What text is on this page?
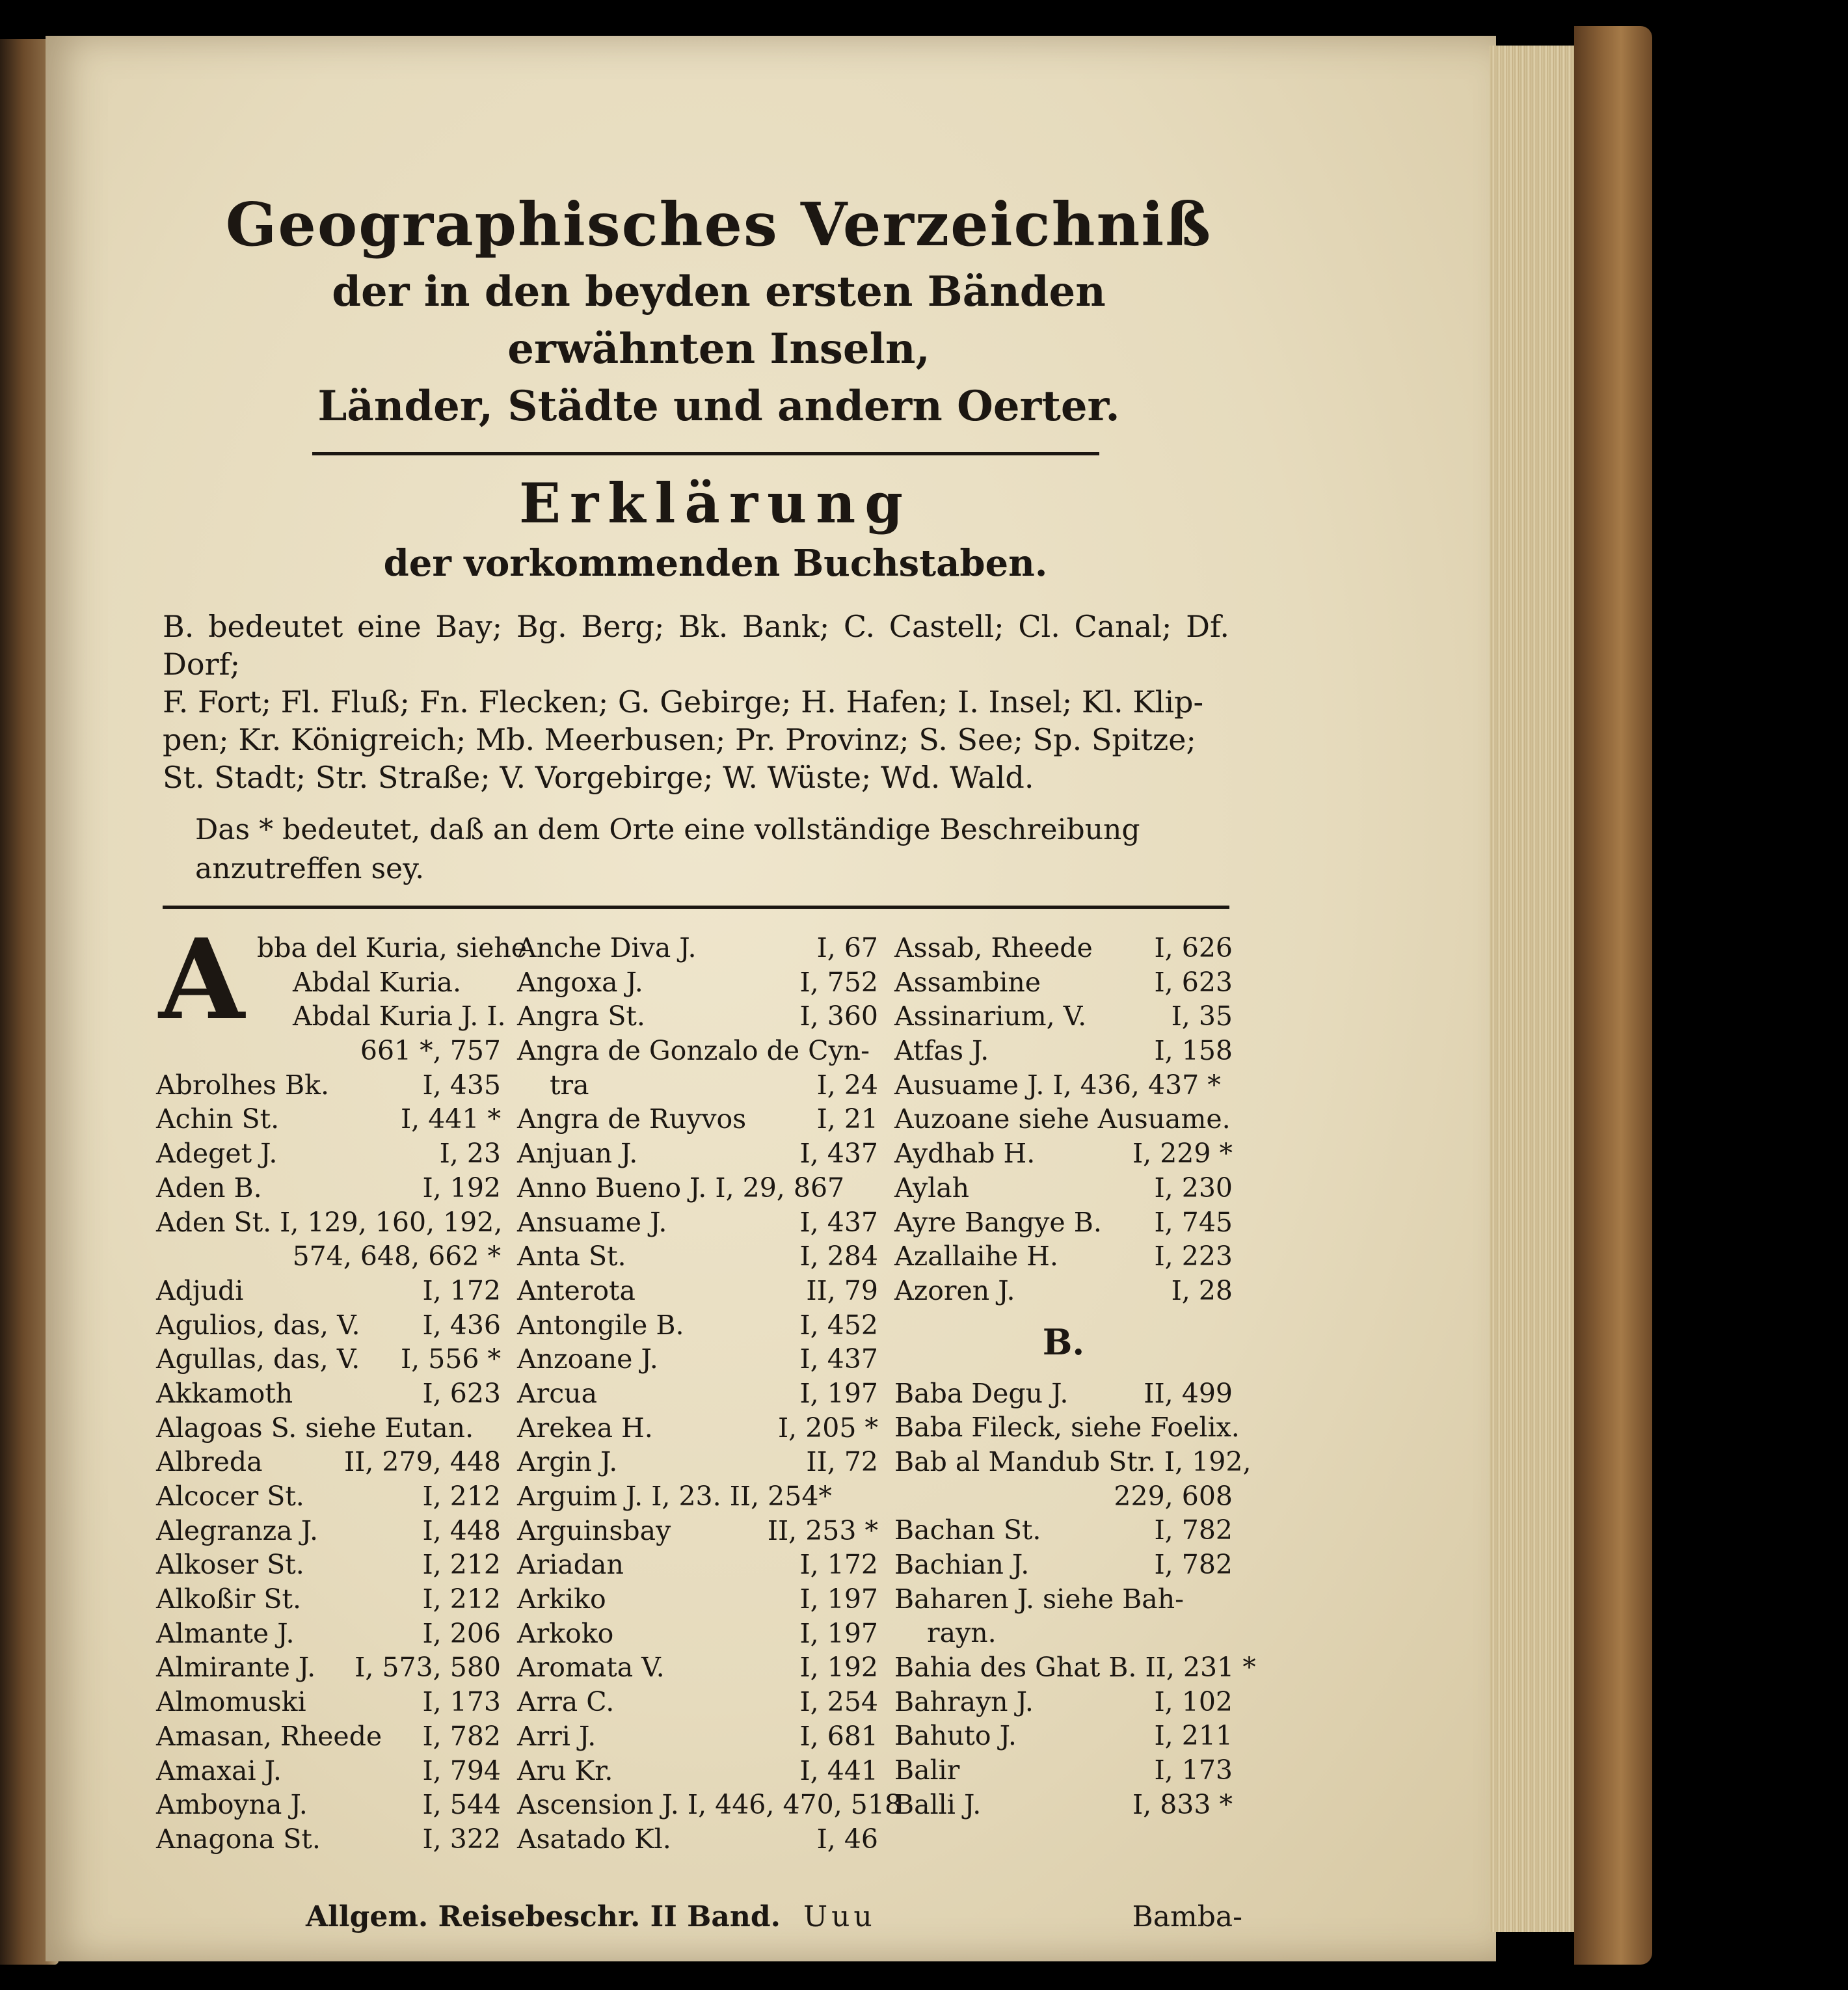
Geographisches Verzeichniß
der in den beyden ersten Bänden erwähnten Inseln,
Länder, Städte und andern Oerter.
Erklärung
der vorkommenden Buchstaben.

B. bedeutet eine Bay; Bg. Berg; Bk. Bank; C. Castell; Cl. Canal; Df. Dorf;

F. Fort; Fl. Fluß; Fn. Flecken; G. Gebirge; H. Hafen; I. Insel; Kl. Klip-

pen; Kr. Königreich; Mb. Meerbusen; Pr. Provinz; S. See; Sp. Spitze;

St. Stadt; Str. Straße; V. Vorgebirge; W. Wüste; Wd. Wald.

Das * bedeutet, daß an dem Orte eine vollständige Beschreibung anzutreffen sey.
A bba del Kuria, siehe
Abdal Kuria.
Abdal Kuria J. I.
661 *, 757
Abrolhes Bk.	I, 435
Achin St.	I, 441 *
Adeget J.	I, 23
Aden B.	I, 192
Aden St. I, 129, 160, 192,
574, 648, 662 *
Adjudi	I, 172
Agulios, das, V. I, 436
Agullas, das, V. I, 556 *
Akkamoth	I, 623
Alagoas S. siehe Eutan.
Albreda	II, 279, 448
Alcocer St.	I, 212
Alegranza J.	I, 448
Alkoser St.	I, 212
Alkoßir St.	I, 212
Almante J.	I, 206
Almirante J. I, 573, 580
Almomuski	I, 173
Amasan, Rheede I, 782
Amaxai J.	I, 794
Amboyna J.	I, 544
Anagona St.	I, 322
Anche Diva J.	I, 67
Angoxa J.	I, 752
Angra St.	I, 360
Angra de Gonzalo de Cyn-
tra	I, 24
Angra de Ruyvos	I, 21
Anjuan J.	I, 437
Anno Bueno J. I, 29, 867
Ansuame J.	I, 437
Anta St.	I, 284
Anterota	II, 79
Antongile B.	I, 452
Anzoane J.	I, 437
Arcua	I, 197
Arekea H.	I, 205 *
Argin J.	II, 72
Arguim J. I, 23. II, 254*
Arguinsbay	II, 253 *
Ariadan	I, 172
Arkiko	I, 197
Arkoko	I, 197
Aromata V.	I, 192
Arra C.	I, 254
Arri J.	I, 681
Aru Kr.	I, 441
Ascension J. I, 446, 470, 518
Asatado Kl.	I, 46
Assab, Rheede I, 626
Assambine	I, 623
Assinarium, V.	I, 35
Atfas J.	I, 158
Ausuame J. I, 436, 437 *
Auzoane siehe Ausuame.
Aydhab H.	I, 229 *
Aylah	I, 230
Ayre Bangye B. I, 745
Azallaihe H.	I, 223
Azoren J.	I, 28
B.
Baba Degu J.	II, 499
Baba Fileck, siehe Foelix.
Bab al Mandub Str. I, 192,
229, 608
Bachan St.	I, 782
Bachian J.	I, 782
Baharen J. siehe Bah-
rayn.
Bahia des Ghat B. II, 231 *
Bahrayn J.	I, 102
Bahuto J.	I, 211
Balir	I, 173
Balli J.	I, 833 *
Allgem. Reisebeschr. II Band. Uuu	Bamba-
